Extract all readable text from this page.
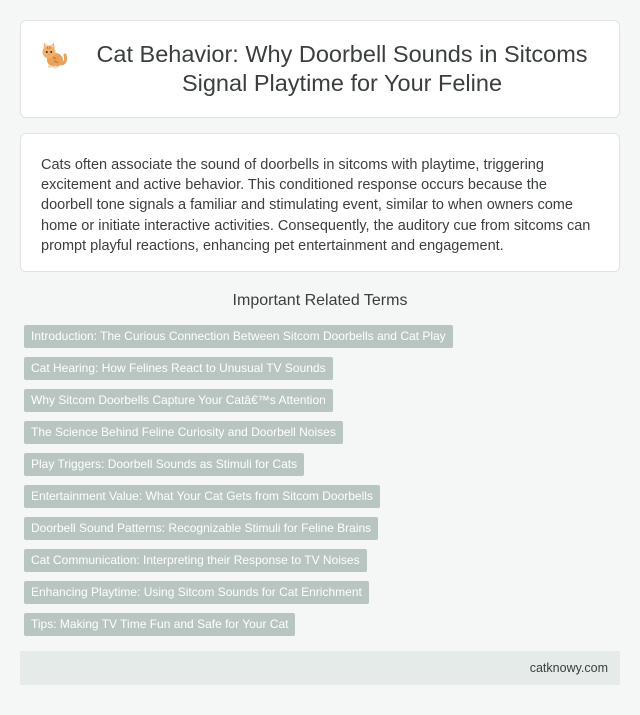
Cat Behavior: Why Doorbell Sounds in Sitcoms Signal Playtime for Your Feline

Cats often associate the sound of doorbells in sitcoms with playtime, triggering excitement and active behavior. This conditioned response occurs because the doorbell tone signals a familiar and stimulating event, similar to when owners come home or initiate interactive activities. Consequently, the auditory cue from sitcoms can prompt playful reactions, enhancing pet entertainment and engagement.

Important Related Terms
Introduction: The Curious Connection Between Sitcom Doorbells and Cat Play
Cat Hearing: How Felines React to Unusual TV Sounds
Why Sitcom Doorbells Capture Your Catâ€™s Attention
The Science Behind Feline Curiosity and Doorbell Noises
Play Triggers: Doorbell Sounds as Stimuli for Cats
Entertainment Value: What Your Cat Gets from Sitcom Doorbells
Doorbell Sound Patterns: Recognizable Stimuli for Feline Brains
Cat Communication: Interpreting their Response to TV Noises
Enhancing Playtime: Using Sitcom Sounds for Cat Enrichment
Tips: Making TV Time Fun and Safe for Your Cat
catknowy.com
